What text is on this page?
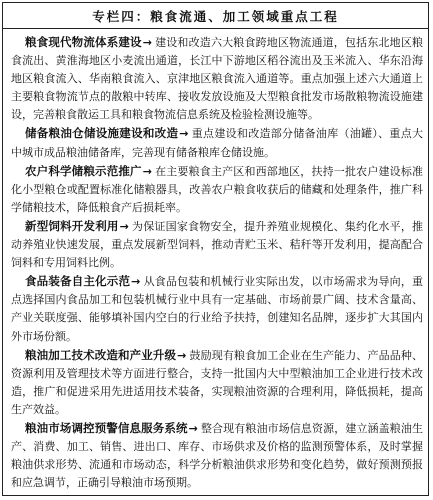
专栏四：粮食流通、加工领域重点工程

粮食现代物流体系建设→ 建设和改造六大粮食跨地区物流通道，包括东北地区粮食流出、黄淮海地区小麦流出通道，长江中下游地区稻谷流出及玉米流入、华东沿海地区粮食流入、华南粮食流入、京津地区粮食流入通道等。重点加强上述六大通道上主要粮食物流节点的散粮中转库、接收发放设施及大型粮食批发市场散粮物流设施建设，完善粮食散运工具和粮食物流信息系统及检验检测设施等。

储备粮油仓储设施建设和改造→ 重点建设和改造部分储备油库（油罐）、重点大中城市成品粮油储备库，完善现有储备粮库仓储设施。

农户科学储粮示范推广→ 在主要粮食主产区和西部地区，扶持一批农户建设标准化小型粮仓或配置标准化储粮器具，改善农户粮食收获后的储藏和处理条件，推广科学储粮技术，降低粮食产后损耗率。

新型饲料开发利用→ 为保证国家食物安全，提升养殖业规模化、集约化水平，推动养殖业快速发展，重点发展新型饲料，推动青贮玉米、秸秆等开发利用，提高配合饲料和专用饲料比例。

食品装备自主化示范→ 从食品包装和机械行业实际出发，以市场需求为导向，重点选择国内食品加工和包装机械行业中具有一定基础、市场前景广阔、技术含量高、产业关联度强、能够填补国内空白的行业给予扶持，创建知名品牌，逐步扩大其国内外市场份额。

粮油加工技术改造和产业升级→ 鼓励现有粮食加工企业在生产能力、产品品种、资源利用及管理技术等方面进行整合，支持一批国内大中型粮油加工企业进行技术改造，推广和促进采用先进适用技术装备，实现粮油资源的合理利用，降低损耗，提高生产效益。

粮油市场调控预警信息服务系统→ 整合现有粮油市场信息资源，建立涵盖粮油生产、消费、加工、销售、进出口、库存、市场供求及价格的监测预警体系，及时掌握粮油供求形势、流通和市场动态，科学分析粮油供求形势和变化趋势，做好预测预报和应急调节，正确引导粮油市场预期。
